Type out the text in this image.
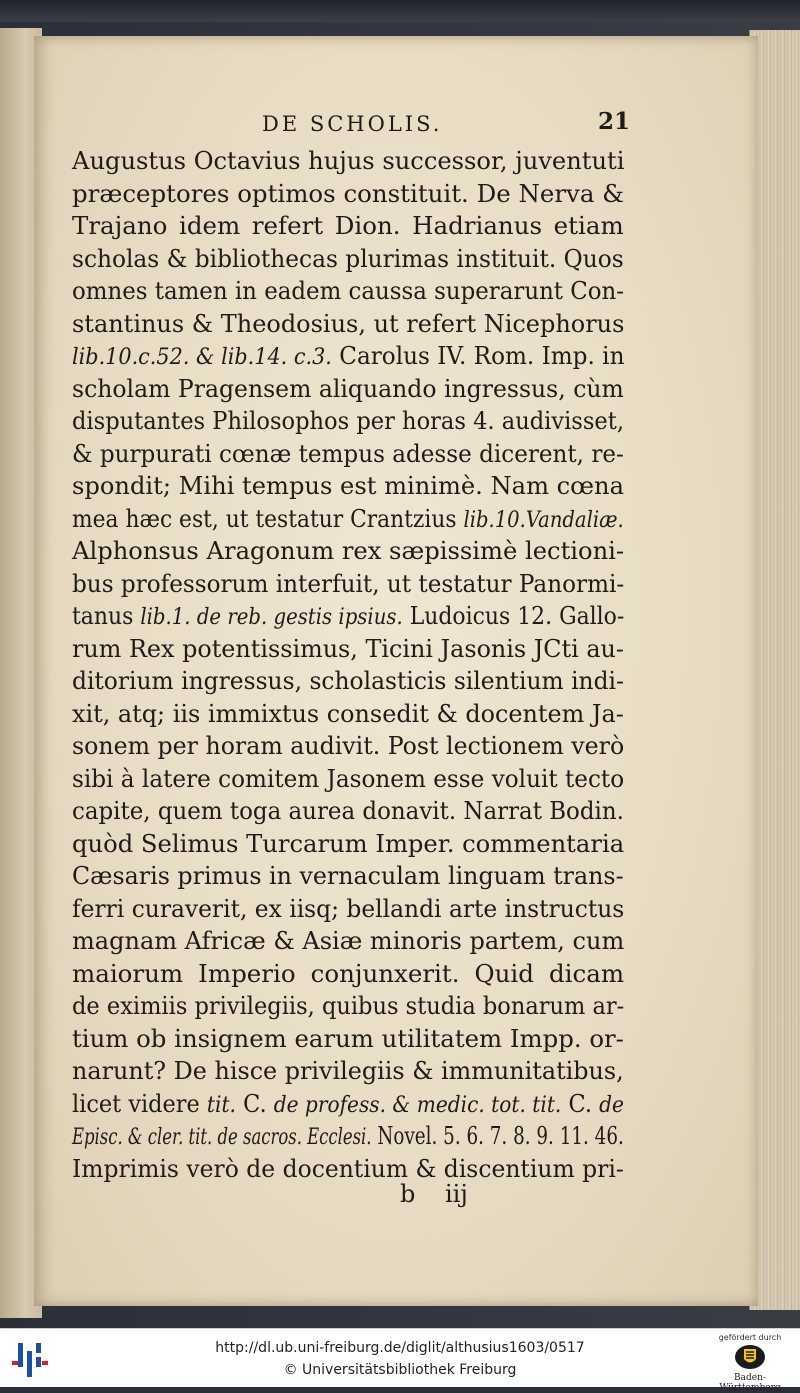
DE SCHOLIS.	21
Augustus Octavius hujus successor, juventuti
præceptores optimos constituit. De Nerva &
Trajano idem refert Dion. Hadrianus etiam
scholas & bibliothecas plurimas instituit. Quos
omnes tamen in eadem caussa superarunt Con-
stantinus & Theodosius, ut refert Nicephorus
lib.10.c.52. & lib.14. c.3. Carolus IV. Rom. Imp. in
scholam Pragensem aliquando ingressus, cùm
disputantes Philosophos per horas 4. audivisset,
& purpurati cœnæ tempus adesse dicerent, re-
spondit; Mihi tempus est minimè. Nam cœna
mea hæc est, ut testatur Crantzius lib.10.Vandaliæ.
Alphonsus Aragonum rex sæpissimè lectioni-
bus professorum interfuit, ut testatur Panormi-
tanus lib.1. de reb. gestis ipsius. Ludoicus 12. Gallo-
rum Rex potentissimus, Ticini Jasonis JCti au-
ditorium ingressus, scholasticis silentium indi-
xit, atq; iis immixtus consedit & docentem Ja-
sonem per horam audivit. Post lectionem verò
sibi à latere comitem Jasonem esse voluit tecto
capite, quem toga aurea donavit. Narrat Bodin.
quòd Selimus Turcarum Imper. commentaria
Cæsaris primus in vernaculam linguam trans-
ferri curaverit, ex iisq; bellandi arte instructus
magnam Africæ & Asiæ minoris partem, cum
maiorum Imperio conjunxerit. Quid dicam
de eximiis privilegiis, quibus studia bonarum ar-
tium ob insignem earum utilitatem Impp. or-
narunt? De hisce privilegiis & immunitatibus,
licet videre tit. C. de profess. & medic. tot. tit. C. de
Episc. & cler. tit. de sacros. Ecclesi. Novel. 5. 6. 7. 8. 9. 11. 46.
Imprimis verò de docentium & discentium pri-
b iij
http://dl.ub.uni-freiburg.de/diglit/althusius1603/0517
© Universitätsbibliothek Freiburg
gefördert durch
Baden-Württemberg
